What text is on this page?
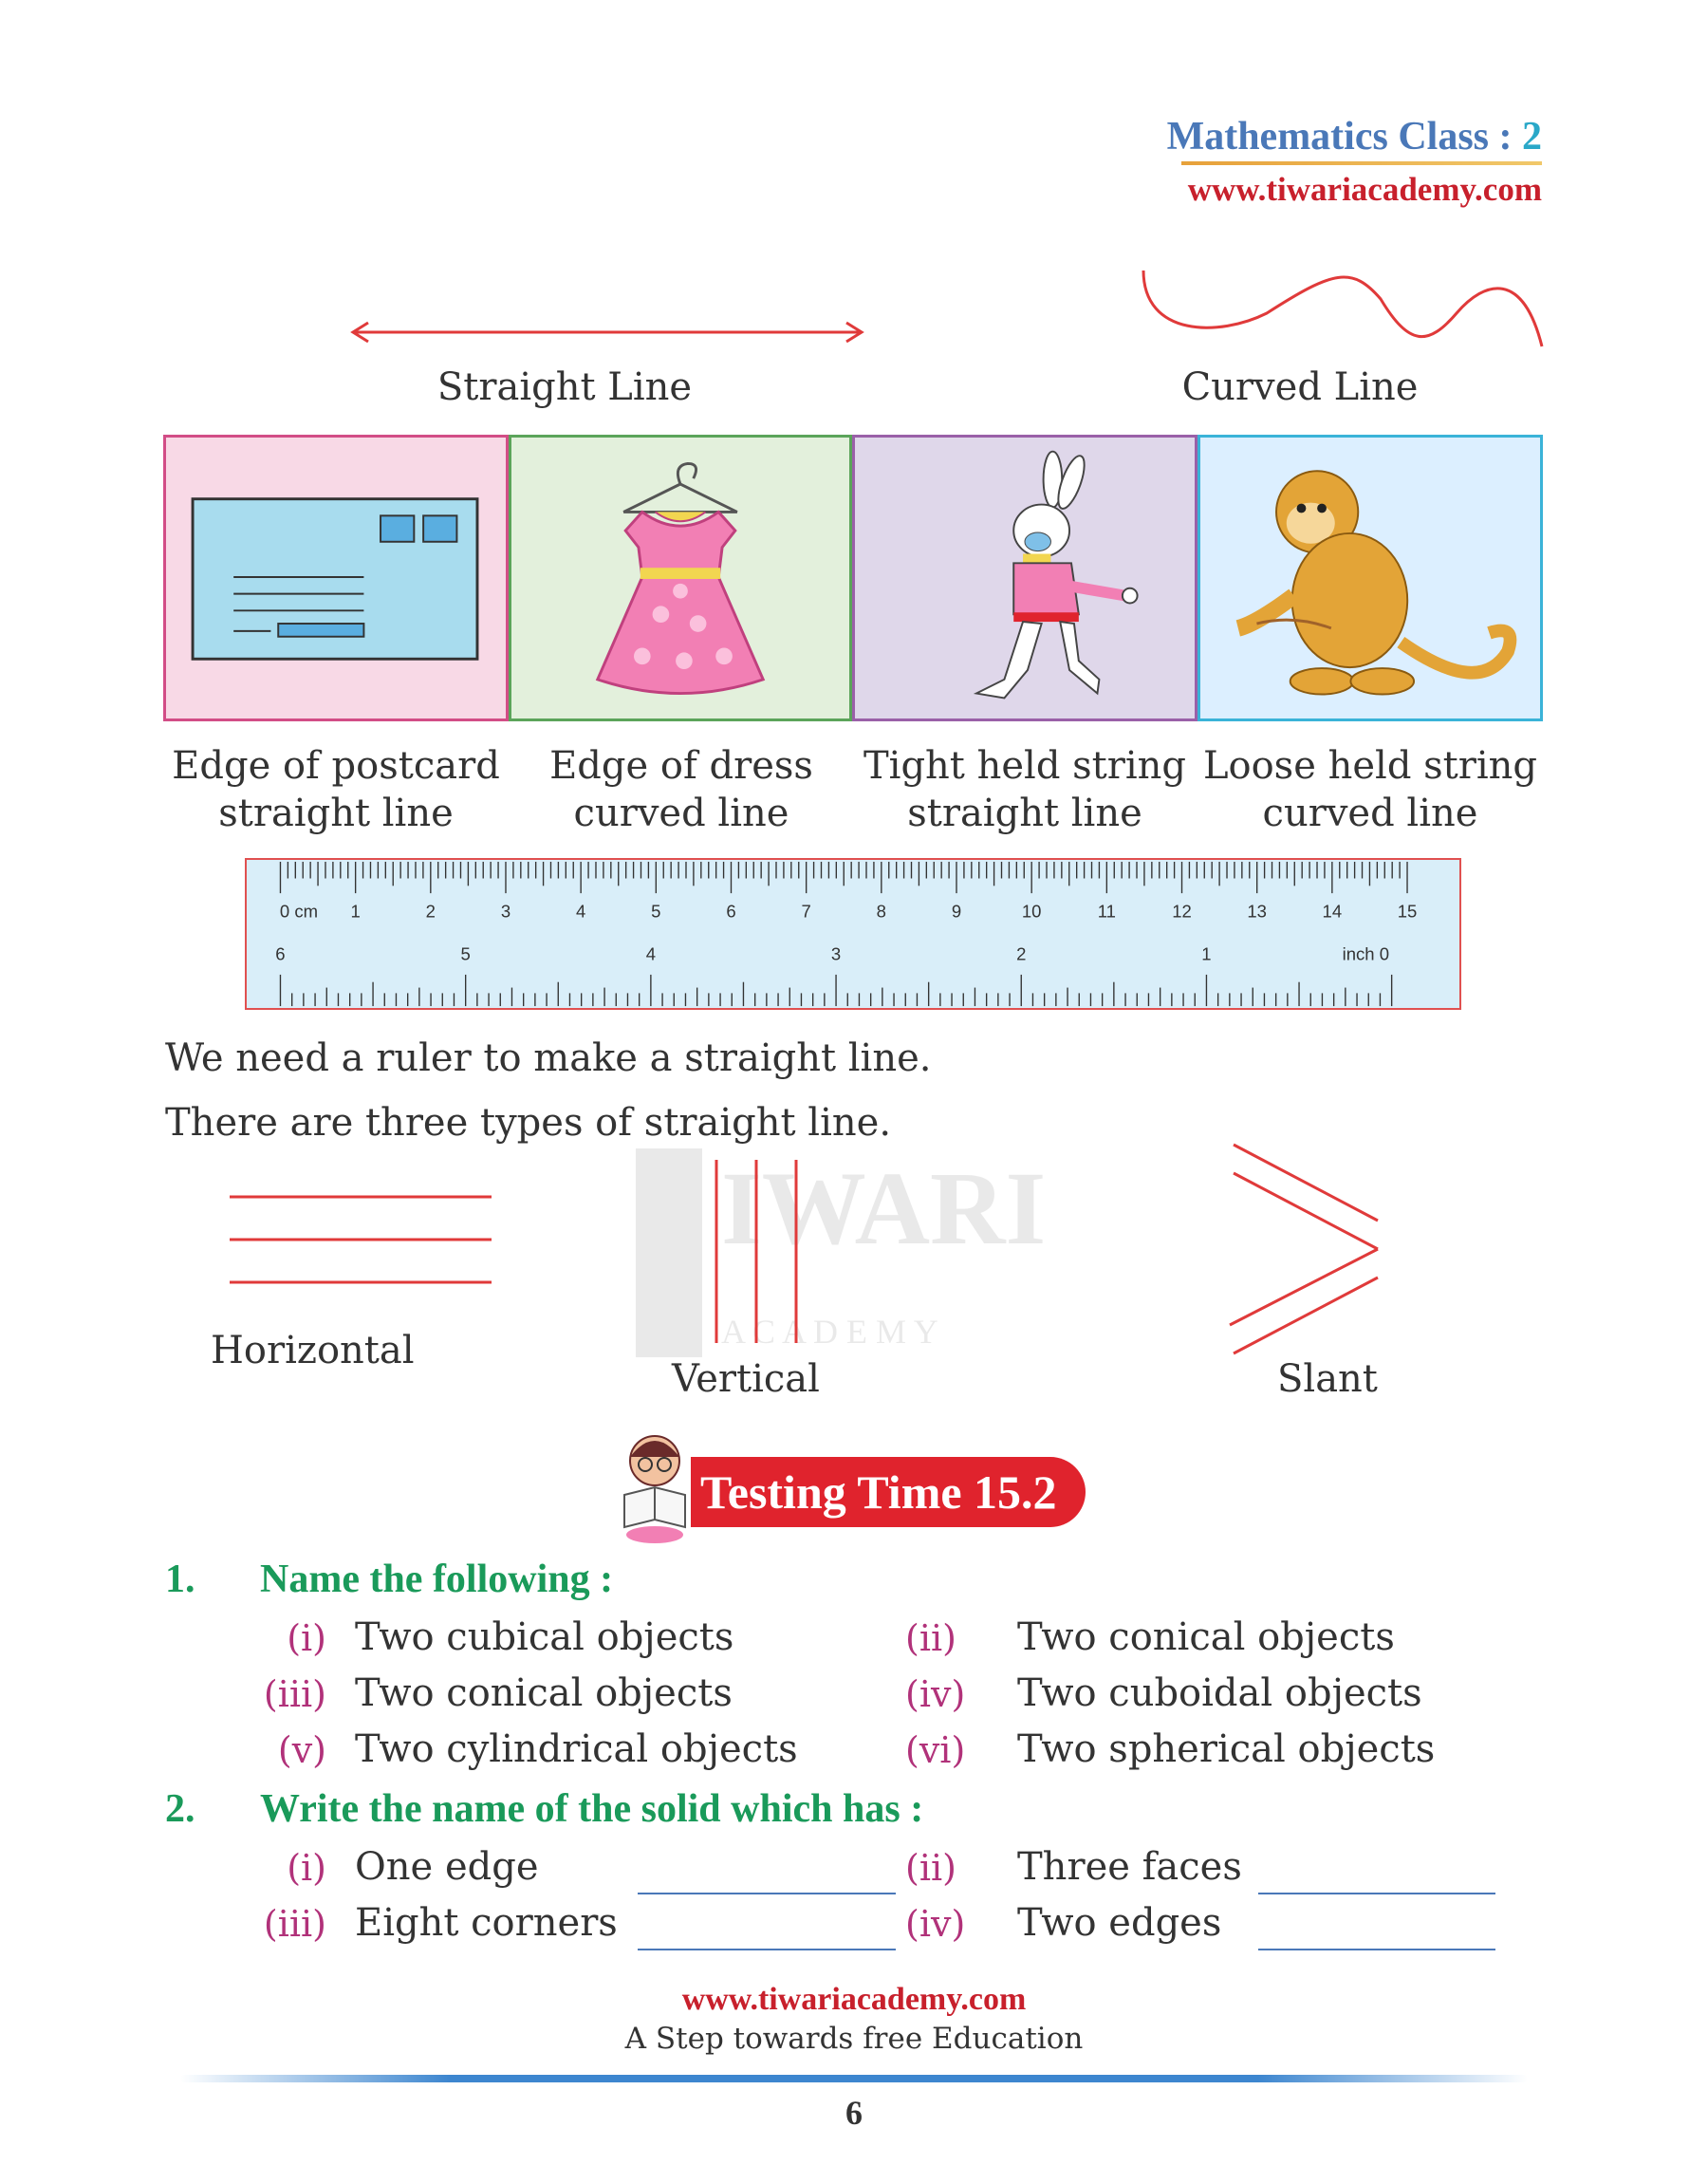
Mathematics Class : 2
www.tiwariacademy.com
Straight Line	Curved Line
Edge of postcard
straight line
Edge of dress
curved line
Tight held string
straight line
Loose held string
curved line
0 cm 1	2	3	4	5	6	7	8	9	10	11	12	13	14	15
6	5	4	3	2	1	inch 0
IWARI
A C A D E M Y
We need a ruler to make a straight line.
There are three types of straight line.
Horizontal
Vertical	Slant
Testing Time 15.2
1. Name the following :
(i) Two cubical objects	(ii)	Two conical objects
(iii) Two conical objects	(iv) Two cuboidal objects
(v) Two cylindrical objects	(vi) Two spherical objects
2. Write the name of the solid which has :
(i) One edge	(ii)	Three faces
(iii) Eight corners	(iv) Two edges
www.tiwariacademy.com
A Step towards free Education
6
